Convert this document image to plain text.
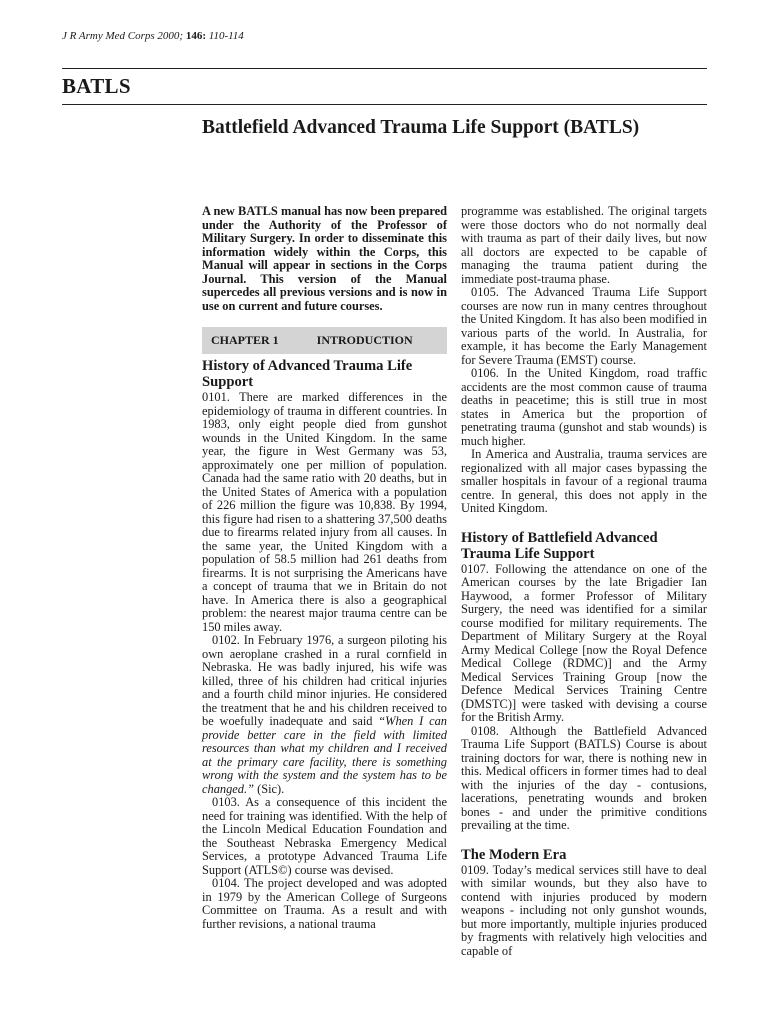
J R Army Med Corps 2000; 146: 110-114
BATLS
Battlefield Advanced Trauma Life Support (BATLS)

A new BATLS manual has now been prepared under the Authority of the Professor of Military Surgery. In order to disseminate this information widely within the Corps, this Manual will appear in sections in the Corps Journal. This version of the Manual supercedes all previous versions and is now in use on current and future courses.

CHAPTER 1	INTRODUCTION
History of Advanced Trauma Life Support

0101. There are marked differences in the epidemiology of trauma in different countries. In 1983, only eight people died from gunshot wounds in the United Kingdom. In the same year, the figure in West Germany was 53, approximately one per million of population. Canada had the same ratio with 20 deaths, but in the United States of America with a population of 226 million the figure was 10,838. By 1994, this figure had risen to a shattering 37,500 deaths due to firearms related injury from all causes. In the same year, the United Kingdom with a population of 58.5 million had 261 deaths from firearms. It is not surprising the Americans have a concept of trauma that we in Britain do not have. In America there is also a geographical problem: the nearest major trauma centre can be 150 miles away.

0102. In February 1976, a surgeon piloting his own aeroplane crashed in a rural cornfield in Nebraska. He was badly injured, his wife was killed, three of his children had critical injuries and a fourth child minor injuries. He considered the treatment that he and his children received to be woefully inadequate and said “When I can provide better care in the field with limited resources than what my children and I received at the primary care facility, there is something wrong with the system and the system has to be changed.” (Sic).

0103. As a consequence of this incident the need for training was identified. With the help of the Lincoln Medical Education Foundation and the Southeast Nebraska Emergency Medical Services, a prototype Advanced Trauma Life Support (ATLS©) course was devised.

0104. The project developed and was adopted in 1979 by the American College of Surgeons Committee on Trauma. As a result and with further revisions, a national trauma

programme was established. The original targets were those doctors who do not normally deal with trauma as part of their daily lives, but now all doctors are expected to be capable of managing the trauma patient during the immediate post-trauma phase.

0105. The Advanced Trauma Life Support courses are now run in many centres throughout the United Kingdom. It has also been modified in various parts of the world. In Australia, for example, it has become the Early Management for Severe Trauma (EMST) course.

0106. In the United Kingdom, road traffic accidents are the most common cause of trauma deaths in peacetime; this is still true in most states in America but the proportion of penetrating trauma (gunshot and stab wounds) is much higher.

In America and Australia, trauma services are regionalized with all major cases bypassing the smaller hospitals in favour of a regional trauma centre. In general, this does not apply in the United Kingdom.

History of Battlefield Advanced Trauma Life Support

0107. Following the attendance on one of the American courses by the late Brigadier Ian Haywood, a former Professor of Military Surgery, the need was identified for a similar course modified for military requirements. The Department of Military Surgery at the Royal Army Medical College [now the Royal Defence Medical College (RDMC)] and the Army Medical Services Training Group [now the Defence Medical Services Training Centre (DMSTC)] were tasked with devising a course for the British Army.

0108. Although the Battlefield Advanced Trauma Life Support (BATLS) Course is about training doctors for war, there is nothing new in this. Medical officers in former times had to deal with the injuries of the day - contusions, lacerations, penetrating wounds and broken bones - and under the primitive conditions prevailing at the time.

The Modern Era

0109. Today’s medical services still have to deal with similar wounds, but they also have to contend with injuries produced by modern weapons - including not only gunshot wounds, but more importantly, multiple injuries produced by fragments with relatively high velocities and capable of
